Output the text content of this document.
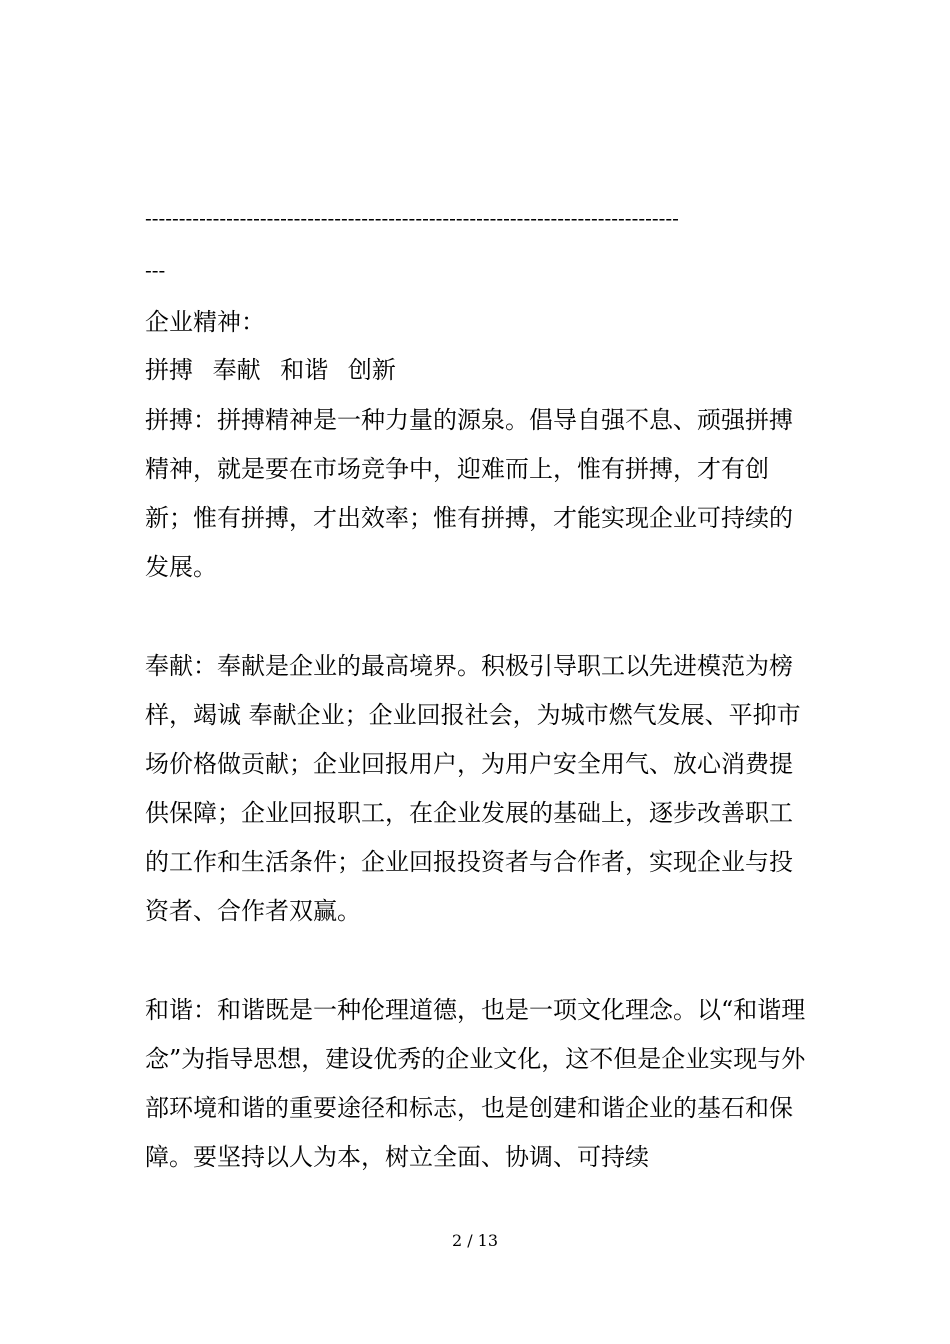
-------------------------------------------------------------------------------
---
企业精神：
拼搏 奉献 和谐 创新
拼搏：拼搏精神是一种力量的源泉。倡导自强不息、顽强拼搏精神，就是要在市场竞争中，迎难而上，惟有拼搏，才有创新；惟有拼搏，才出效率；惟有拼搏，才能实现企业可持续的发展。
奉献：奉献是企业的最高境界。积极引导职工以先进模范为榜样，竭诚 奉献企业；企业回报社会，为城市燃气发展、平抑市场价格做贡献；企业回报用户，为用户安全用气、放心消费提供保障；企业回报职工，在企业发展的基础上，逐步改善职工的工作和生活条件；企业回报投资者与合作者，实现企业与投资者、合作者双赢。
和谐：和谐既是一种伦理道德，也是一项文化理念。以“和谐理念”为指导思想，建设优秀的企业文化，这不但是企业实现与外部环境和谐的重要途径和标志，也是创建和谐企业的基石和保障。要坚持以人为本，树立全面、协调、可持续
2 / 13
